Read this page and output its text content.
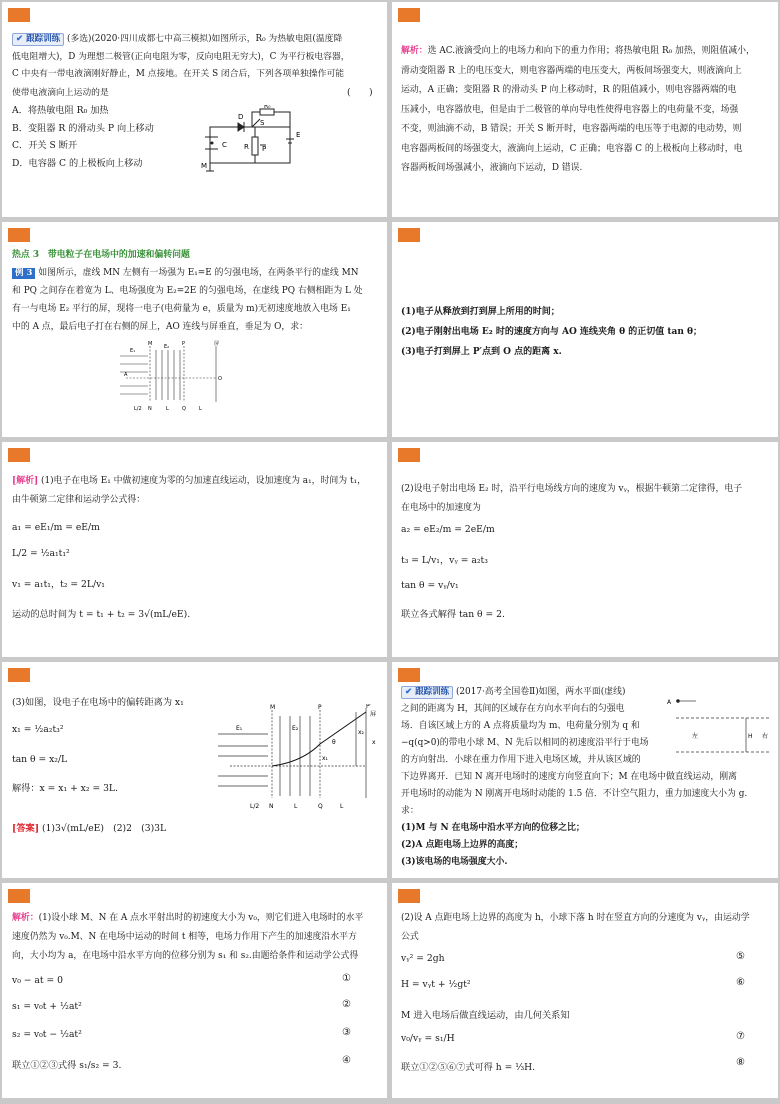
✔ 跟踪训练 (多选)(2020·四川成都七中高三模拟)如图所示，R₀ 为热敏电阻(温度降
低电阻增大)，D 为理想二极管(正向电阻为零，反向电阻无穷大)，C 为平行板电容器，
C 中央有一带电液滴刚好静止，M 点接地。在开关 S 闭合后，下列各项单独操作可能
使带电液滴向上运动的是	(　　)
A．将热敏电阻 R₀ 加热
B．变阻器 R 的滑动头 P 向上移动
C．开关 S 断开
D．电容器 C 的上极板向上移动
D
R₀
S
C R P
M
E
解析：选 AC.液滴受向上的电场力和向下的重力作用；将热敏电阻 R₀ 加热，则阻值减小，
滑动变阻器 R 上的电压变大，则电容器两端的电压变大，两板间场强变大，则液滴向上
运动，A 正确；变阻器 R 的滑动头 P 向上移动时，R 的阻值减小，则电容器两端的电
压减小，电容器放电，但是由于二极管的单向导电性使得电容器上的电荷量不变，场强
不变，则油滴不动，B 错误；开关 S 断开时，电容器两端的电压等于电源的电动势，则
电容器两板间的场强变大，液滴向上运动，C 正确；电容器 C 的上极板向上移动时，电
容器两板间场强减小，液滴向下运动，D 错误.
热点 3　带电粒子在电场中的加速和偏转问题
例 3 如图所示，虚线 MN 左侧有一场强为 E₁=E 的匀强电场，在两条平行的虚线 MN
和 PQ 之间存在着宽为 L、电场强度为 E₂=2E 的匀强电场，在虚线 PQ 右侧相距为 L 处
有一与电场 E₂ 平行的屏，现将一电子(电荷量为 e，质量为 m)无初速度地放入电场 E₁
中的 A 点，最后电子打在右侧的屏上，AO 连线与屏垂直，垂足为 O，求：
M	P	屏
A
O
E₁
E₂
L/2 N	L	Q	L
(1)电子从释放到打到屏上所用的时间；
(2)电子刚射出电场 E₂ 时的速度方向与 AO 连线夹角 θ 的正切值 tan θ；
(3)电子打到屏上 P′点到 O 点的距离 x.
[解析] (1)电子在电场 E₁ 中做初速度为零的匀加速直线运动，设加速度为 a₁，时间为 t₁，
由牛顿第二定律和运动学公式得：
a₁ = eE₁/m = eE/m
L/2 = ½a₁t₁²
v₁ = a₁t₁，t₂ = 2L/v₁
运动的总时间为 t = t₁ + t₂ = 3√(mL/eE).
(2)设电子射出电场 E₂ 时，沿平行电场线方向的速度为 vᵧ，根据牛顿第二定律得，电子
在电场中的加速度为
a₂ = eE₂/m = 2eE/m
t₃ = L/v₁，vᵧ = a₂t₃
tan θ = vᵧ/v₁
联立各式解得 tan θ = 2.
(3)如图，设电子在电场中的偏转距离为 x₁
x₁ = ½a₂t₃²
tan θ = x₂/L
解得：x = x₁ + x₂ = 3L.
[答案] (1)3√(mL/eE)　(2)2　(3)3L
M	P	P′
屏
E₁	E₂
θ
x₁
x₂
x
L/2 N	L	Q	L
✔ 跟踪训练 (2017·高考全国卷Ⅱ)如图，两水平面(虚线)
之间的距离为 H，其间的区域存在方向水平向右的匀强电
场．自该区域上方的 A 点将质量均为 m、电荷量分别为 q 和
−q(q>0)的带电小球 M、N 先后以相同的初速度沿平行于电场
的方向射出．小球在重力作用下进入电场区域，并从该区域的
下边界离开．已知 N 离开电场时的速度方向竖直向下；M 在电场中做直线运动，刚离
开电场时的动能为 N 刚离开电场时动能的 1.5 倍．不计空气阻力，重力加速度大小为 g.
求：
(1)M 与 N 在电场中沿水平方向的位移之比；
(2)A 点距电场上边界的高度；
(3)该电场的电场强度大小.
A
H
左	右
解析：(1)设小球 M、N 在 A 点水平射出时的初速度大小为 v₀，则它们进入电场时的水平
速度仍然为 v₀.M、N 在电场中运动的时间 t 相等，电场力作用下产生的加速度沿水平方
向，大小均为 a，在电场中沿水平方向的位移分别为 s₁ 和 s₂.由题给条件和运动学公式得
v₀ − at = 0	①
s₁ = v₀t + ½at²	②
s₂ = v₀t − ½at²	③
联立①②③式得 s₁/s₂ = 3.	④
(2)设 A 点距电场上边界的高度为 h，小球下落 h 时在竖直方向的分速度为 vᵧ，由运动学
公式
vᵧ² = 2gh	⑤
H = vᵧt + ½gt²	⑥
M 进入电场后做直线运动，由几何关系知
v₀/vᵧ = s₁/H	⑦
联立①②⑤⑥⑦式可得 h = ⅓H.	⑧
